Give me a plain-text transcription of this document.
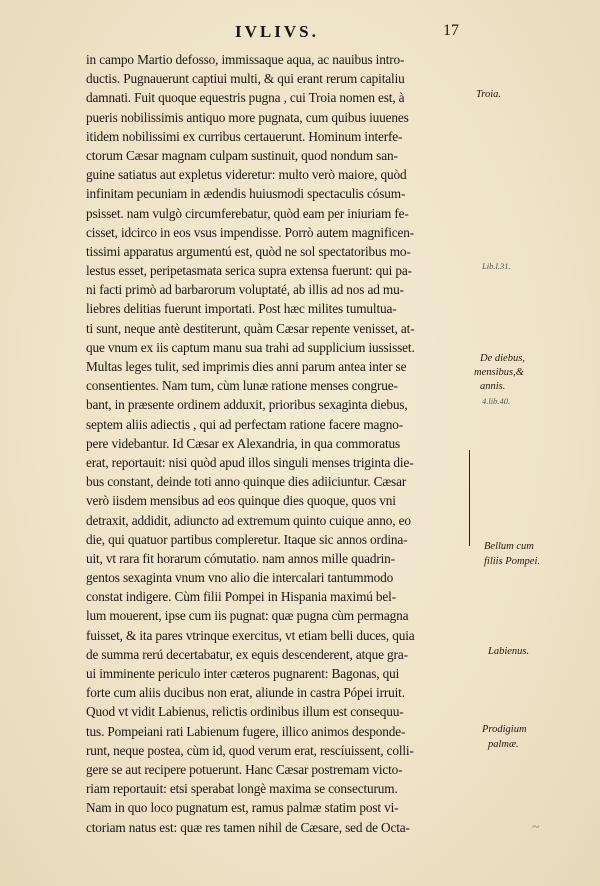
IVLIVS.	17
in campo Martio defosso, immissaque aqua, ac nauibus intro-
ductis. Pugnauerunt captiui multi, & qui erant rerum capitaliu
damnati. Fuit quoque equestris pugna , cui Troia nomen est, à
pueris nobilissimis antiquo more pugnata, cum quibus iuuenes
itidem nobilissimi ex curribus certauerunt. Hominum interfe-
ctorum Cæsar magnam culpam sustinuit, quod nondum san-
guine satiatus aut expletus videretur: multo verò maiore, quòd
infinitam pecuniam in ædendis huiusmodi spectaculis cósum-
psisset. nam vulgò circumferebatur, quòd eam per iniuriam fe-
cisset, idcirco in eos vsus impendisse. Porrò autem magnificen-
tissimi apparatus argumentú est, quòd ne sol spectatoribus mo-
lestus esset, peripetasmata serica supra extensa fuerunt: qui pa-
ni facti primò ad barbarorum voluptaté, ab illis ad nos ad mu-
liebres delitias fuerunt importati. Post hæc milites tumultua-
ti sunt, neque antè destiterunt, quàm Cæsar repente venisset, at-
que vnum ex iis captum manu sua trahi ad supplicium iussisset.
Multas leges tulit, sed imprimis dies anni parum antea inter se
consentientes. Nam tum, cùm lunæ ratione menses congrue-
bant, in præsente ordinem adduxit, prioribus sexaginta diebus,
septem aliis adiectis , qui ad perfectam ratione facere magno-
pere videbantur. Id Cæsar ex Alexandria, in qua commoratus
erat, reportauit: nisi quòd apud illos singuli menses triginta die-
bus constant, deinde toti anno quinque dies adiiciuntur. Cæsar
verò iisdem mensibus ad eos quinque dies quoque, quos vni
detraxit, addidit, adiuncto ad extremum quinto cuique anno, eo
die, qui quatuor partibus compleretur. Itaque sic annos ordina-
uit, vt rara fit horarum cómutatio. nam annos mille quadrin-
gentos sexaginta vnum vno alio die intercalari tantummodo
constat indigere. Cùm filii Pompei in Hispania maximú bel-
lum mouerent, ipse cum iis pugnat: quæ pugna cùm permagna
fuisset, & ita pares vtrinque exercitus, vt etiam belli duces, quia
de summa rerú decertabatur, ex equis descenderent, atque gra-
ui imminente periculo inter cæteros pugnarent: Bagonas, qui
forte cum aliis ducibus non erat, aliunde in castra Pópei irruit.
Quod vt vidit Labienus, relictis ordinibus illum est consequu-
tus. Pompeiani rati Labienum fugere, illico animos desponde-
runt, neque postea, cùm id, quod verum erat, rescíuissent, colli-
gere se aut recipere potuerunt. Hanc Cæsar postremam victo-
riam reportauit: etsi sperabat longè maxima se consecturum.
Nam in quo loco pugnatum est, ramus palmæ statim post vi-
ctoriam natus est: quæ res tamen nihil de Cæsare, sed de Octa-
Troia.
Lib.l.31.
De diebus,
mensibus,&
annis.
4.lib.40.
Bellum cum
filiis Pompei.
Labienus.
Prodigium
palmæ.
~
